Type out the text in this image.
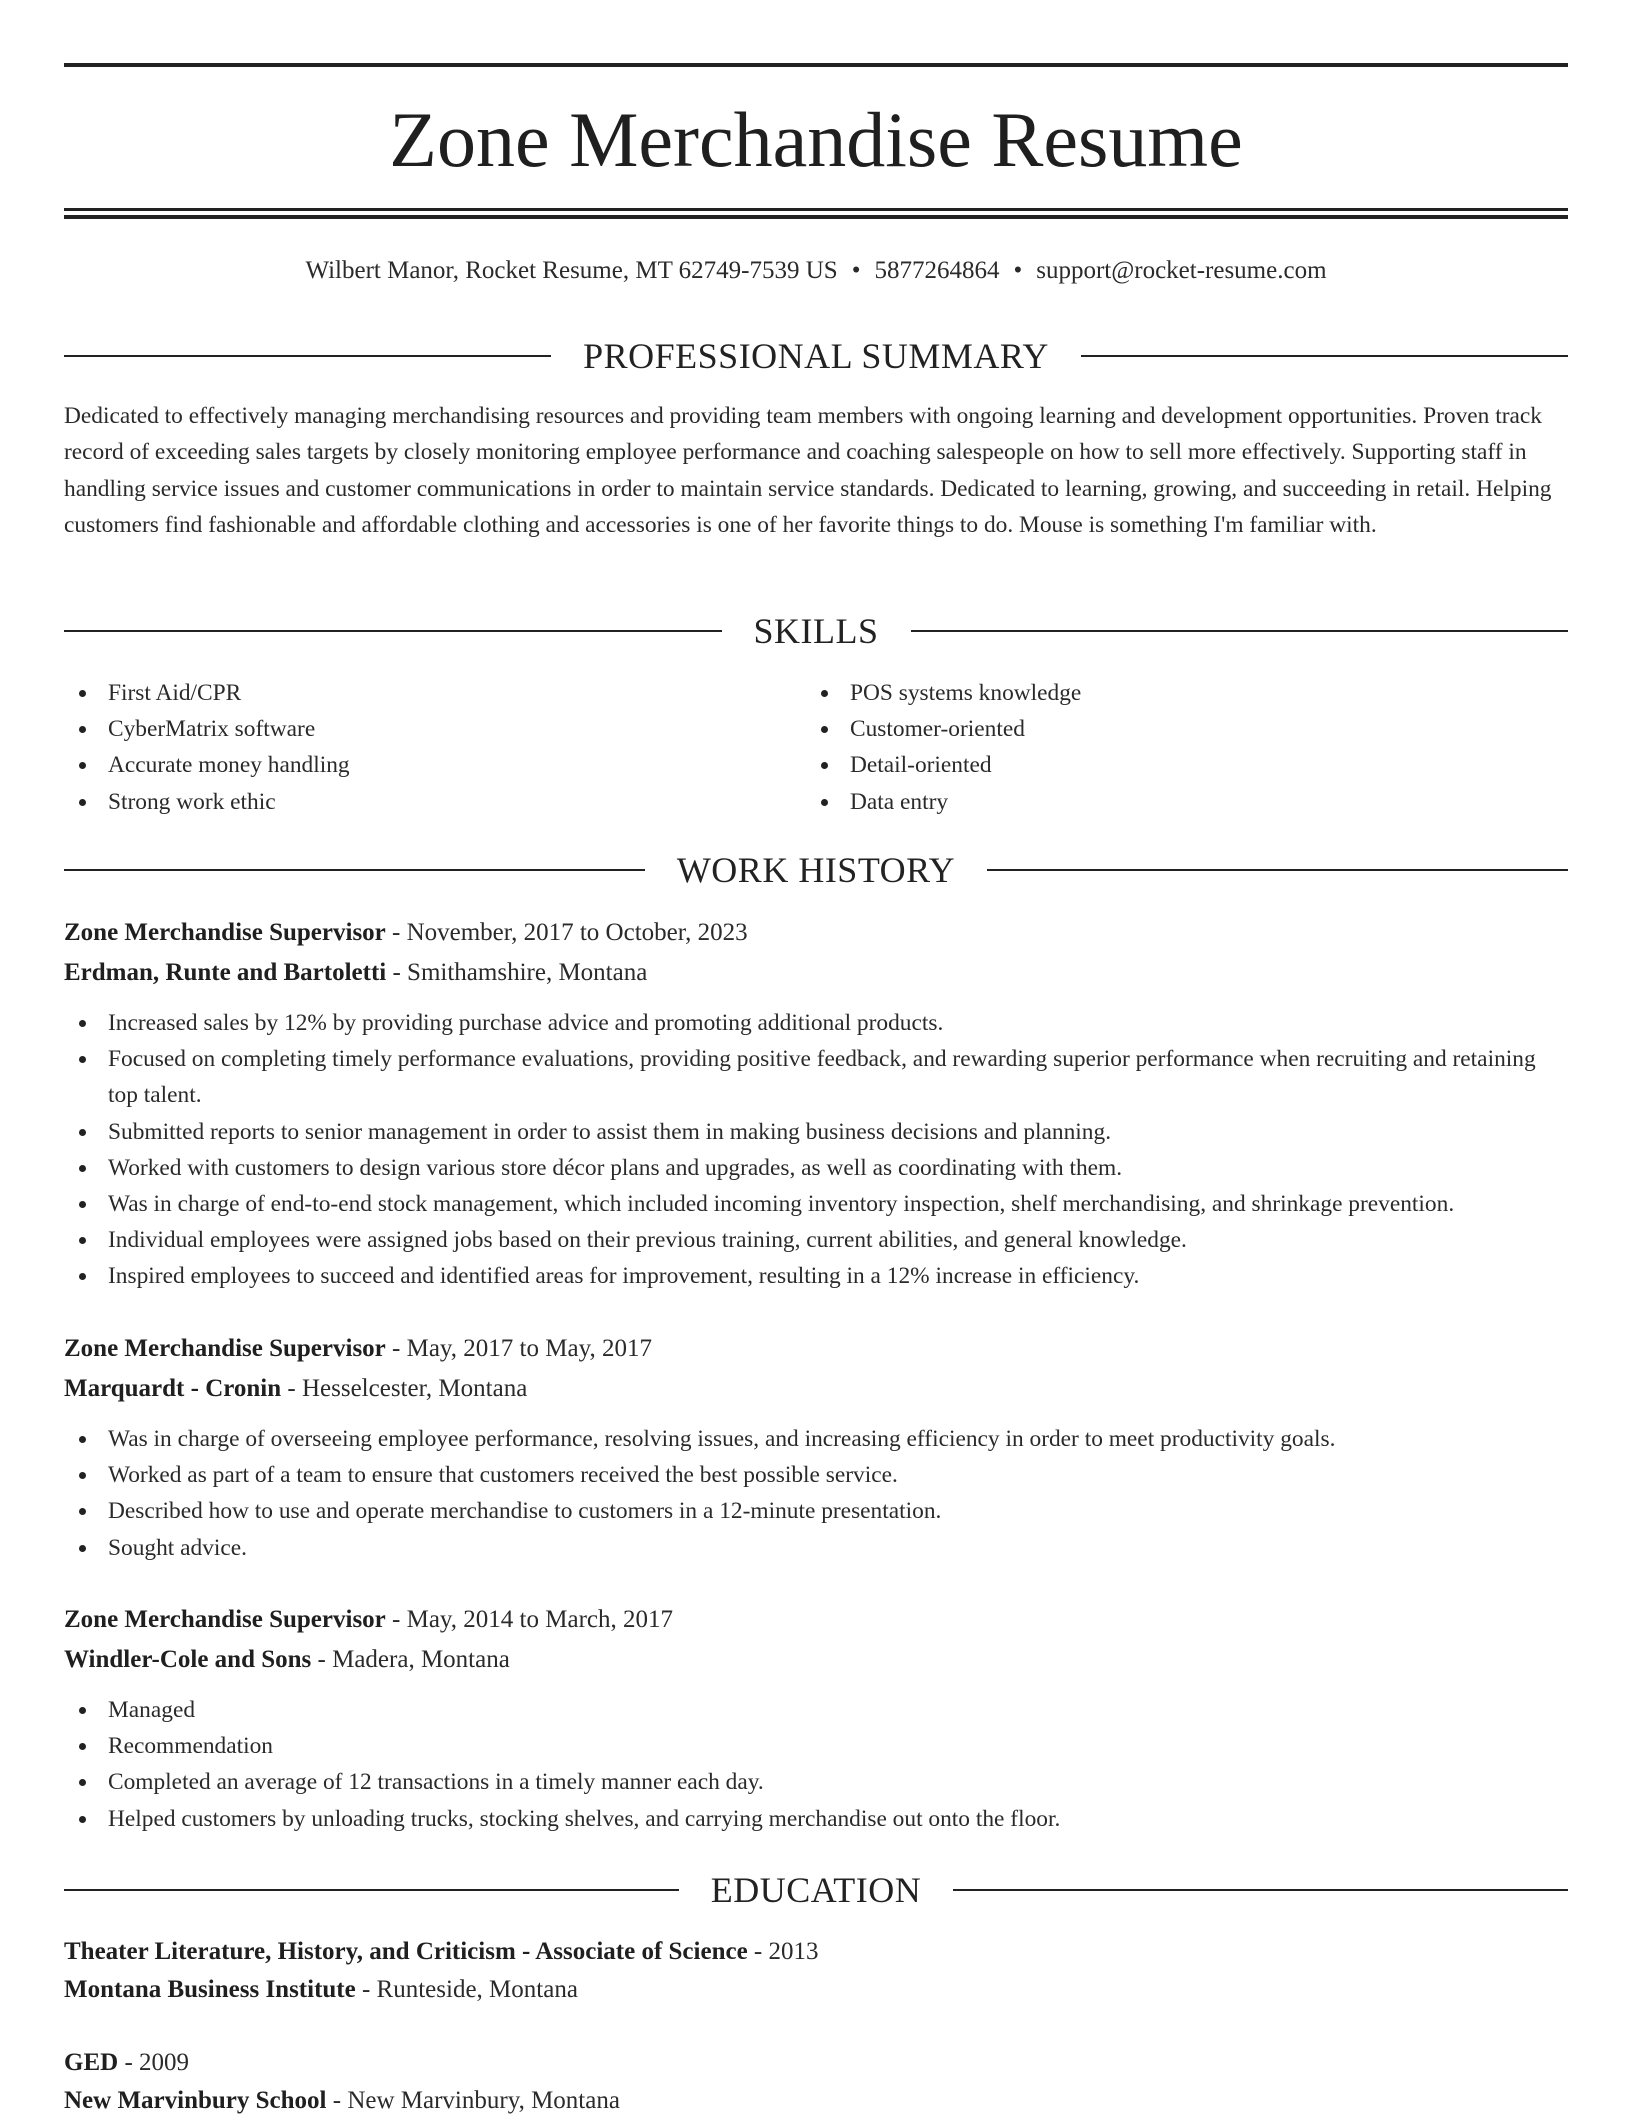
Zone Merchandise Resume
Wilbert Manor, Rocket Resume, MT 62749-7539 US • 5877264864 • support@rocket-resume.com
PROFESSIONAL SUMMARY

Dedicated to effectively managing merchandising resources and providing team members with ongoing learning and development opportunities. Proven track record of exceeding sales targets by closely monitoring employee performance and coaching salespeople on how to sell more effectively. Supporting staff in handling service issues and customer communications in order to maintain service standards. Dedicated to learning, growing, and succeeding in retail. Helping customers find fashionable and affordable clothing and accessories is one of her favorite things to do. Mouse is something I'm familiar with.

SKILLS
First Aid/CPR
CyberMatrix software
Accurate money handling
Strong work ethic
POS systems knowledge
Customer-oriented
Detail-oriented
Data entry
WORK HISTORY
Zone Merchandise Supervisor - November, 2017 to October, 2023
Erdman, Runte and Bartoletti - Smithamshire, Montana
Increased sales by 12% by providing purchase advice and promoting additional products.
Focused on completing timely performance evaluations, providing positive feedback, and rewarding superior performance when recruiting and retaining top talent.
Submitted reports to senior management in order to assist them in making business decisions and planning.
Worked with customers to design various store décor plans and upgrades, as well as coordinating with them.
Was in charge of end-to-end stock management, which included incoming inventory inspection, shelf merchandising, and shrinkage prevention.
Individual employees were assigned jobs based on their previous training, current abilities, and general knowledge.
Inspired employees to succeed and identified areas for improvement, resulting in a 12% increase in efficiency.
Zone Merchandise Supervisor - May, 2017 to May, 2017
Marquardt - Cronin - Hesselcester, Montana
Was in charge of overseeing employee performance, resolving issues, and increasing efficiency in order to meet productivity goals.
Worked as part of a team to ensure that customers received the best possible service.
Described how to use and operate merchandise to customers in a 12-minute presentation.
Sought advice.
Zone Merchandise Supervisor - May, 2014 to March, 2017
Windler-Cole and Sons - Madera, Montana
Managed
Recommendation
Completed an average of 12 transactions in a timely manner each day.
Helped customers by unloading trucks, stocking shelves, and carrying merchandise out onto the floor.
EDUCATION
Theater Literature, History, and Criticism - Associate of Science - 2013
Montana Business Institute - Runteside, Montana
GED - 2009
New Marvinbury School - New Marvinbury, Montana
